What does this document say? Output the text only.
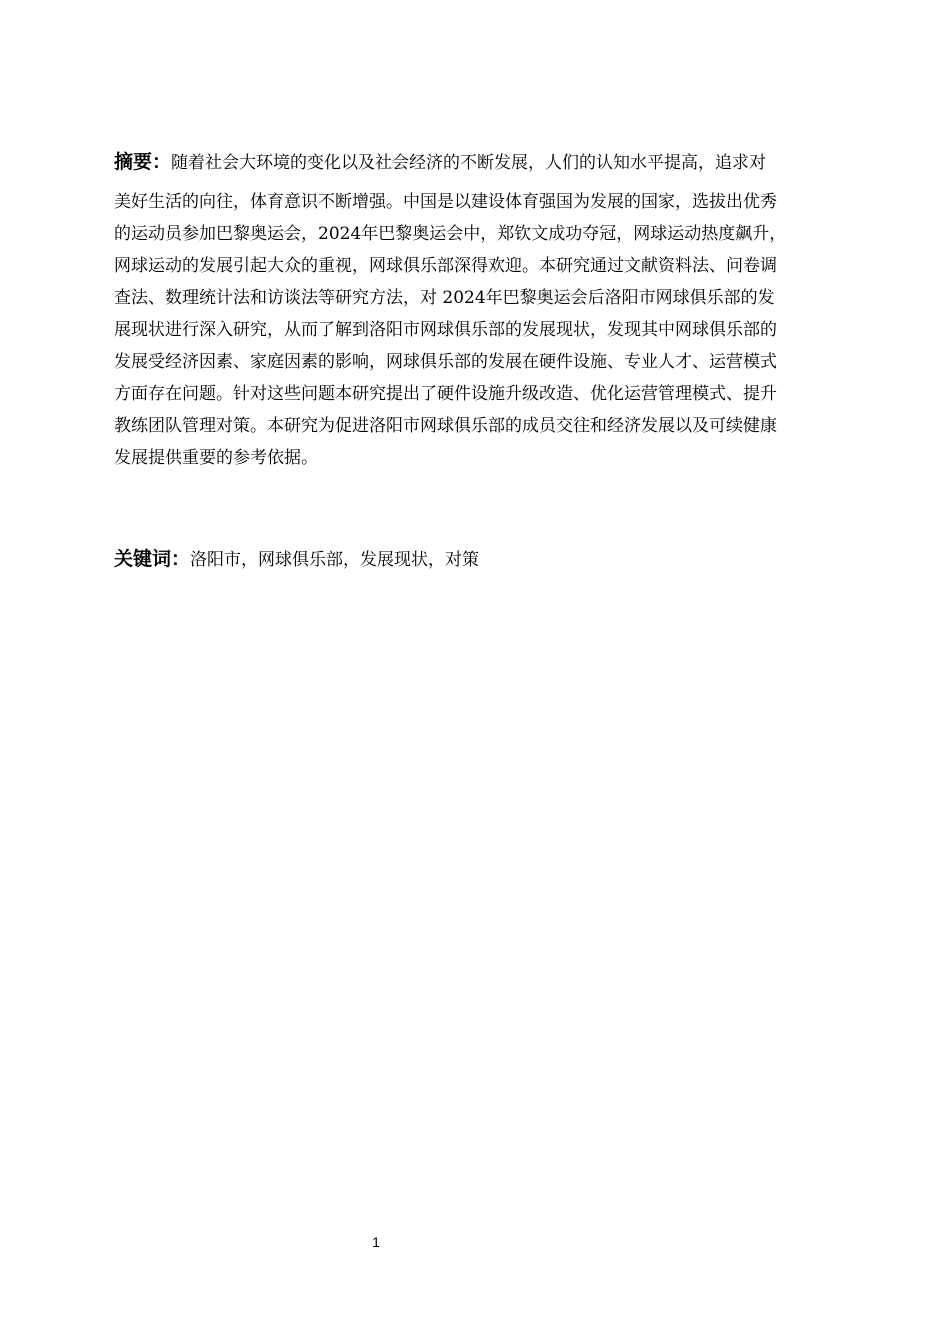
摘要：随着社会大环境的变化以及社会经济的不断发展，人们的认知水平提高，追求对
美好生活的向往，体育意识不断增强。中国是以建设体育强国为发展的国家，选拔出优秀
的运动员参加巴黎奥运会，2024年巴黎奥运会中，郑钦文成功夺冠，网球运动热度飙升，
网球运动的发展引起大众的重视，网球俱乐部深得欢迎。本研究通过文献资料法、问卷调
查法、数理统计法和访谈法等研究方法，对 2024年巴黎奥运会后洛阳市网球俱乐部的发
展现状进行深入研究，从而了解到洛阳市网球俱乐部的发展现状，发现其中网球俱乐部的
发展受经济因素、家庭因素的影响，网球俱乐部的发展在硬件设施、专业人才、运营模式
方面存在问题。针对这些问题本研究提出了硬件设施升级改造、优化运营管理模式、提升
教练团队管理对策。本研究为促进洛阳市网球俱乐部的成员交往和经济发展以及可续健康
发展提供重要的参考依据。
关键词：洛阳市，网球俱乐部，发展现状，对策
1
